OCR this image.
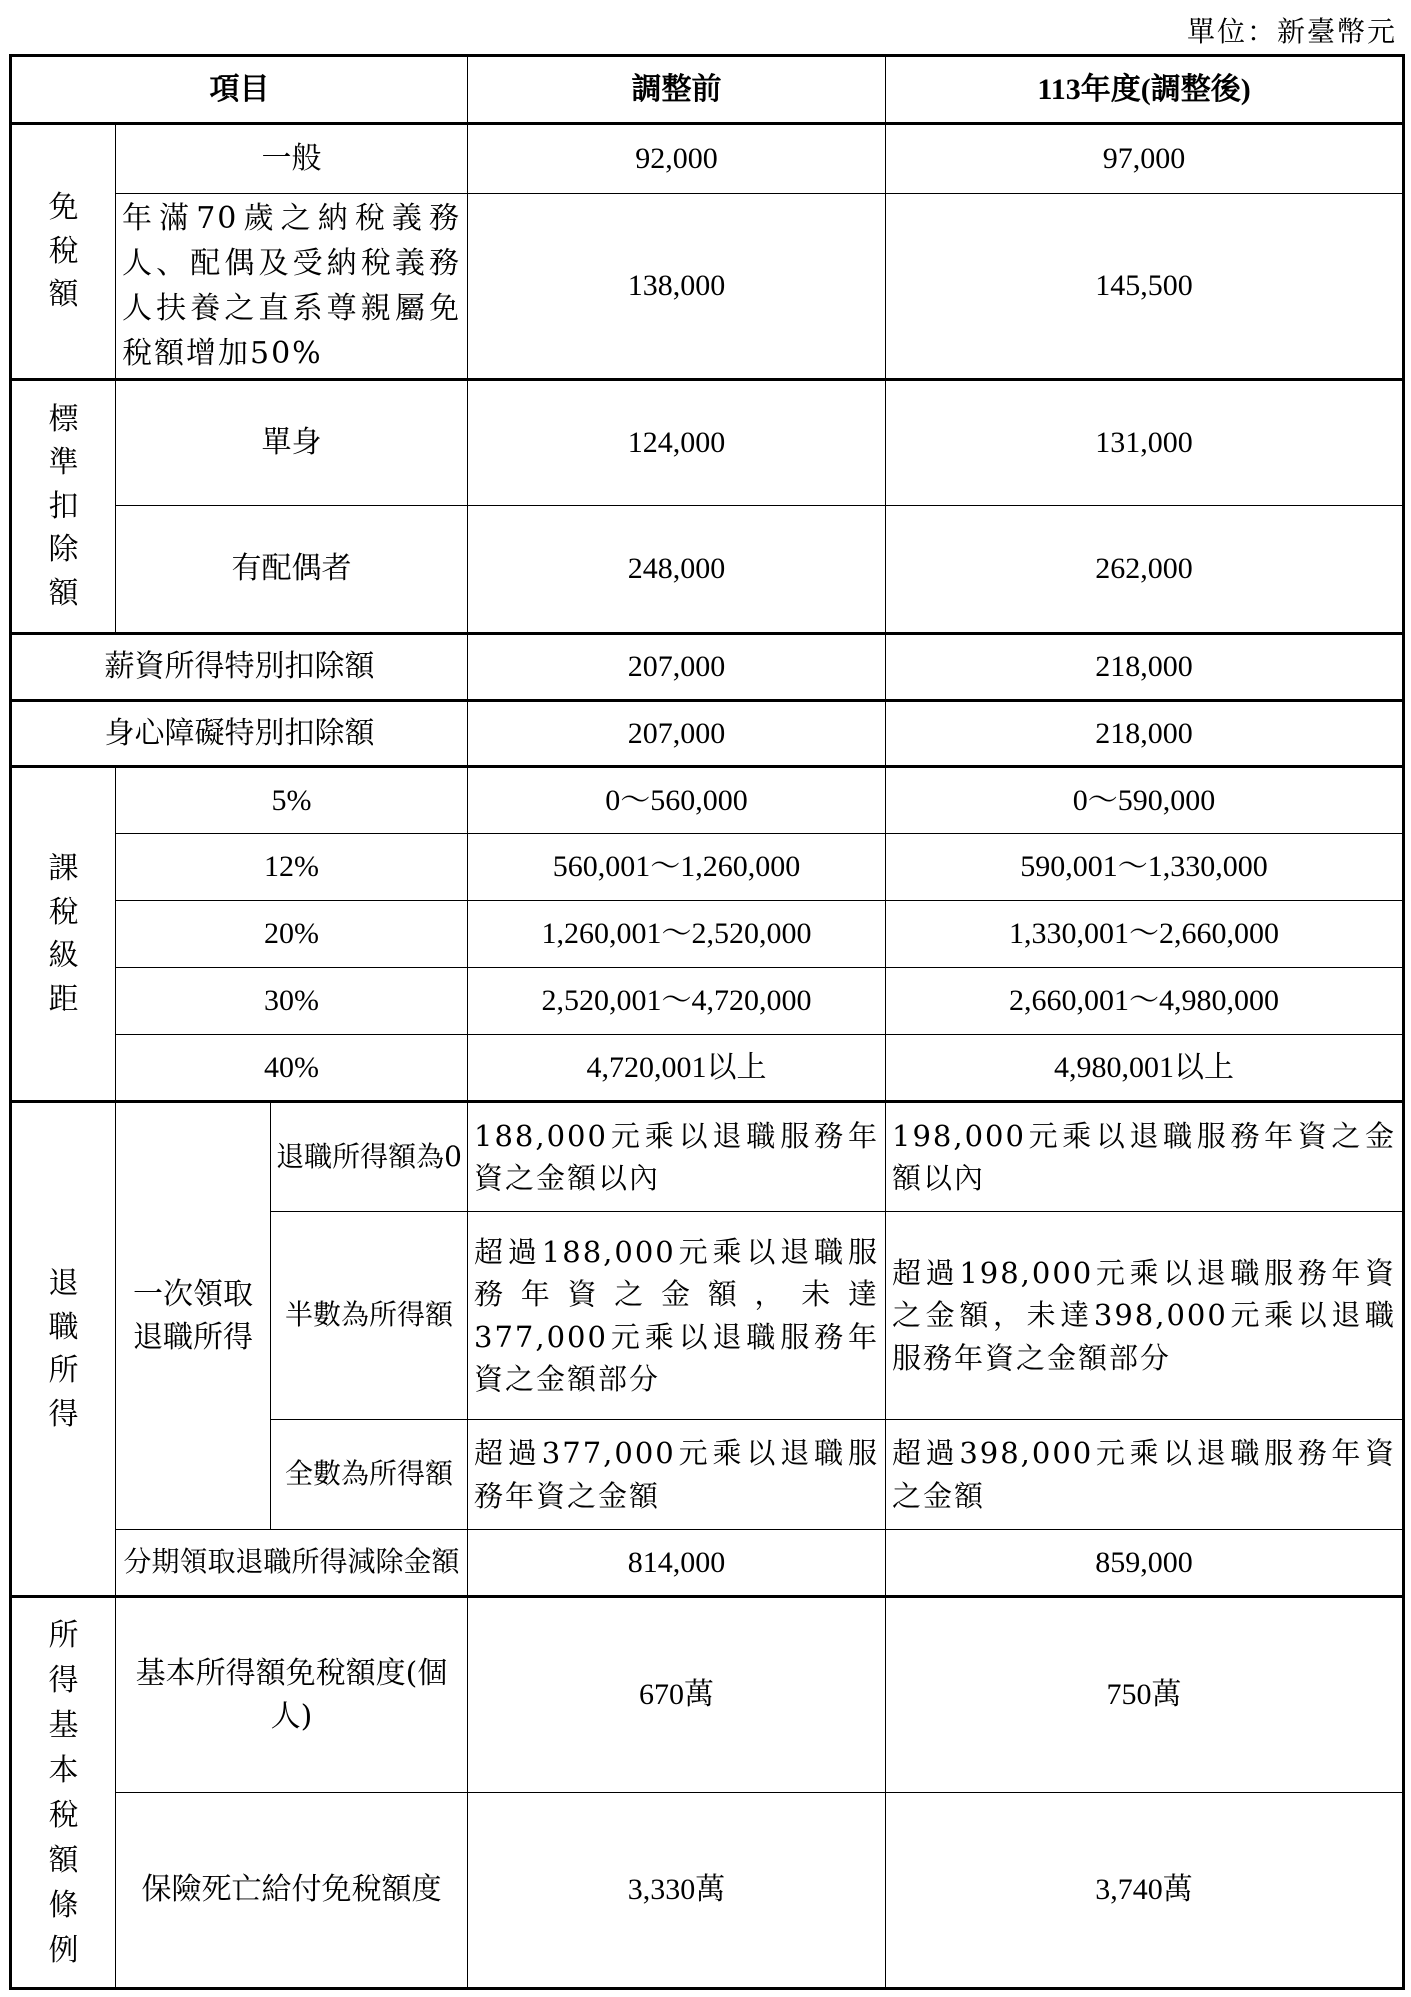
單位：新臺幣元
項目			調整前	113年度(調整後)
免稅額	一般		92,000	97,000
	年滿70歲之納稅義務人、配偶及受納稅義務人扶養之直系尊親屬免稅額增加50%		138,000	145,500
標準扣除額	單身		124,000	131,000
	有配偶者		248,000	262,000
薪資所得特別扣除額			207,000	218,000
身心障礙特別扣除額			207,000	218,000
課稅級距	5%		0～560,000	0～590,000
	12%		560,001～1,260,000	590,001～1,330,000
	20%		1,260,001～2,520,000	1,330,001～2,660,000
	30%		2,520,001～4,720,000	2,660,001～4,980,000
	40%		4,720,001以上	4,980,001以上
退職所得	一次領取退職所得	退職所得額為0	188,000元乘以退職服務年資之金額以內	198,000元乘以退職服務年資之金額以內
		半數為所得額	超過188,000元乘以退職服務年資之金額，未達377,000元乘以退職服務年資之金額部分	超過198,000元乘以退職服務年資之金額，未達398,000元乘以退職服務年資之金額部分
		全數為所得額	超過377,000元乘以退職服務年資之金額	超過398,000元乘以退職服務年資之金額
	分期領取退職所得減除金額		814,000	859,000
所得基本稅額條例	基本所得額免稅額度(個人)		670萬	750萬
	保險死亡給付免稅額度		3,330萬	3,740萬
